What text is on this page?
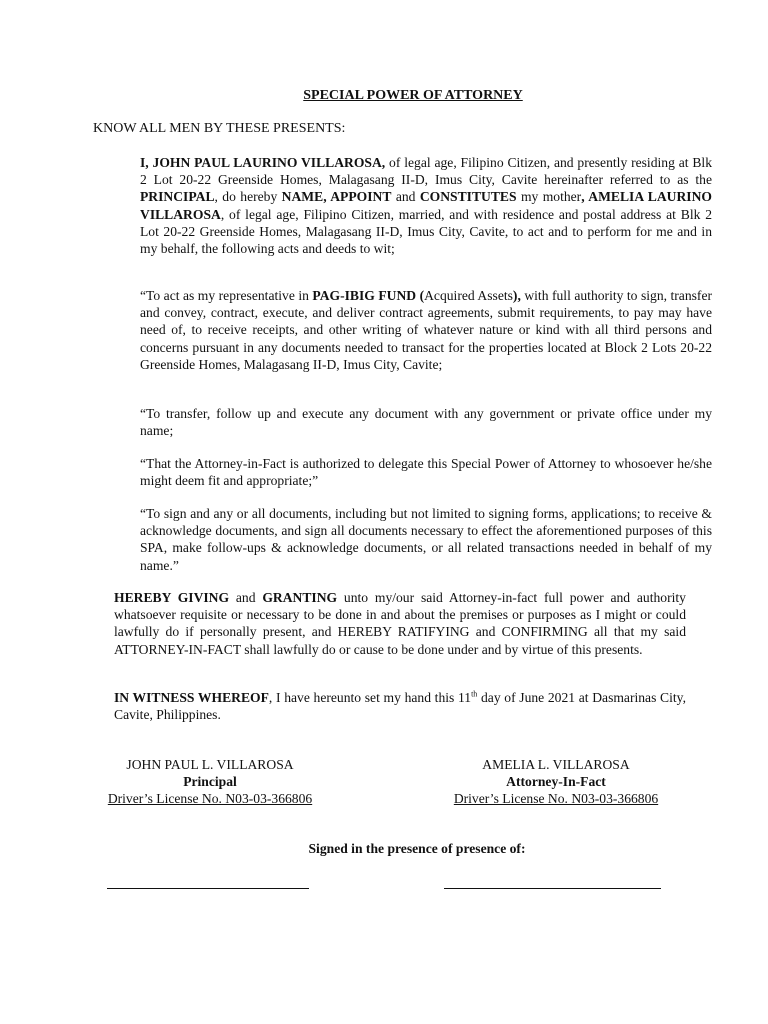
SPECIAL POWER OF ATTORNEY
KNOW ALL MEN BY THESE PRESENTS:

I, JOHN PAUL LAURINO VILLAROSA, of legal age, Filipino Citizen, and presently residing at Blk 2 Lot 20-22 Greenside Homes, Malagasang II-D, Imus City, Cavite hereinafter referred to as the PRINCIPAL, do hereby NAME, APPOINT and CONSTITUTES my mother, AMELIA LAURINO VILLAROSA, of legal age, Filipino Citizen, married, and with residence and postal address at Blk 2 Lot 20-22 Greenside Homes, Malagasang II-D, Imus City, Cavite, to act and to perform for me and in my behalf, the following acts and deeds to wit;

“To act as my representative in PAG-IBIG FUND (Acquired Assets), with full authority to sign, transfer and convey, contract, execute, and deliver contract agreements, submit requirements, to pay may have need of, to receive receipts, and other writing of whatever nature or kind with all third persons and concerns pursuant in any documents needed to transact for the properties located at Block 2 Lots 20-22 Greenside Homes, Malagasang II-D, Imus City, Cavite;

“To transfer, follow up and execute any document with any government or private office under my name;

“That the Attorney-in-Fact is authorized to delegate this Special Power of Attorney to whosoever he/she might deem fit and appropriate;”

“To sign and any or all documents, including but not limited to signing forms, applications; to receive & acknowledge documents, and sign all documents necessary to effect the aforementioned purposes of this SPA, make follow-ups & acknowledge documents, or all related transactions needed in behalf of my name.”

HEREBY GIVING and GRANTING unto my/our said Attorney-in-fact full power and authority whatsoever requisite or necessary to be done in and about the premises or purposes as I might or could lawfully do if personally present, and HEREBY RATIFYING and CONFIRMING all that my said ATTORNEY-IN-FACT shall lawfully do or cause to be done under and by virtue of this presents.

IN WITNESS WHEREOF, I have hereunto set my hand this 11th day of June 2021 at Dasmarinas City, Cavite, Philippines.

JOHN PAUL L. VILLAROSA
Principal
Driver’s License No. N03-03-366806
AMELIA L. VILLAROSA
Attorney-In-Fact
Driver’s License No. N03-03-366806
Signed in the presence of presence of:
